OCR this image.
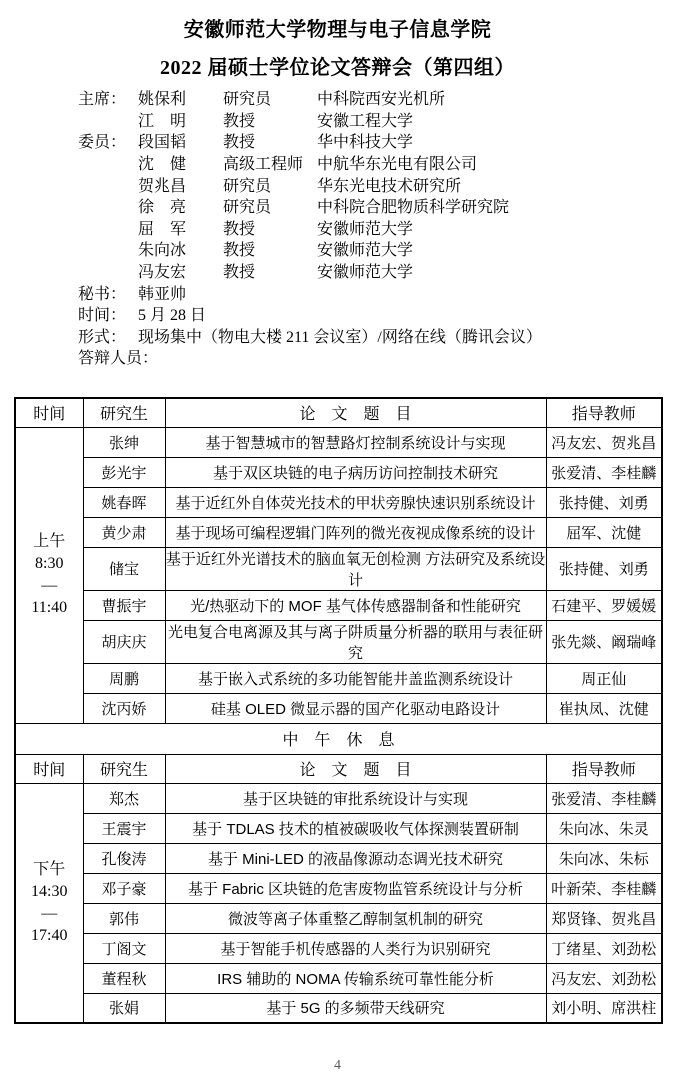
安徽师范大学物理与电子信息学院
2022 届硕士学位论文答辩会（第四组）
主席： 姚保利	研究员	中科院西安光机所
江　明	教授	安徽工程大学
委员： 段国韬	教授	华中科技大学
沈　健	高级工程师 中航华东光电有限公司
贺兆昌	研究员	华东光电技术研究所
徐　亮	研究员	中科院合肥物质科学研究院
屈　军	教授	安徽师范大学
朱向冰	教授	安徽师范大学
冯友宏	教授	安徽师范大学
秘书： 韩亚帅
时间： 5 月 28 日
形式： 现场集中（物电大楼 211 会议室）/网络在线（腾讯会议）
答辩人员：
时间	研究生	论　文　题　目	指导教师

上午
8:30
—
11:40	张绅	基于智慧城市的智慧路灯控制系统设计与实现	冯友宏、贺兆昌
	彭光宇	基于双区块链的电子病历访问控制技术研究	张爱清、李桂麟
	姚春晖	基于近红外自体荧光技术的甲状旁腺快速识别系统设计	张持健、刘勇
	黄少肃	基于现场可编程逻辑门阵列的微光夜视成像系统的设计	屈军、沈健
	储宝	基于近红外光谱技术的脑血氧无创检测 方法研究及系统设计	张持健、刘勇
	曹振宇	光/热驱动下的 MOF 基气体传感器制备和性能研究	石建平、罗媛媛
	胡庆庆	光电复合电离源及其与离子阱质量分析器的联用与表征研究	张先燚、阚瑞峰
	周鹏	基于嵌入式系统的多功能智能井盖监测系统设计	周正仙
	沈丙娇	硅基 OLED 微显示器的国产化驱动电路设计	崔执凤、沈健
中　午　休　息			
时间	研究生	论　文　题　目	指导教师

下午
14:30
—
17:40	郑杰	基于区块链的审批系统设计与实现	张爱清、李桂麟
	王震宇	基于 TDLAS 技术的植被碳吸收气体探测装置研制	朱向冰、朱灵
	孔俊涛	基于 Mini-LED 的液晶像源动态调光技术研究	朱向冰、朱标
	邓子豪	基于 Fabric 区块链的危害废物监管系统设计与分析	叶新荣、李桂麟
	郭伟	微波等离子体重整乙醇制氢机制的研究	郑贤锋、贺兆昌
	丁阁文	基于智能手机传感器的人类行为识别研究	丁绪星、刘劲松
	董程秋	IRS 辅助的 NOMA 传输系统可靠性能分析	冯友宏、刘劲松
	张娟	基于 5G 的多频带天线研究	刘小明、席洪柱
4
